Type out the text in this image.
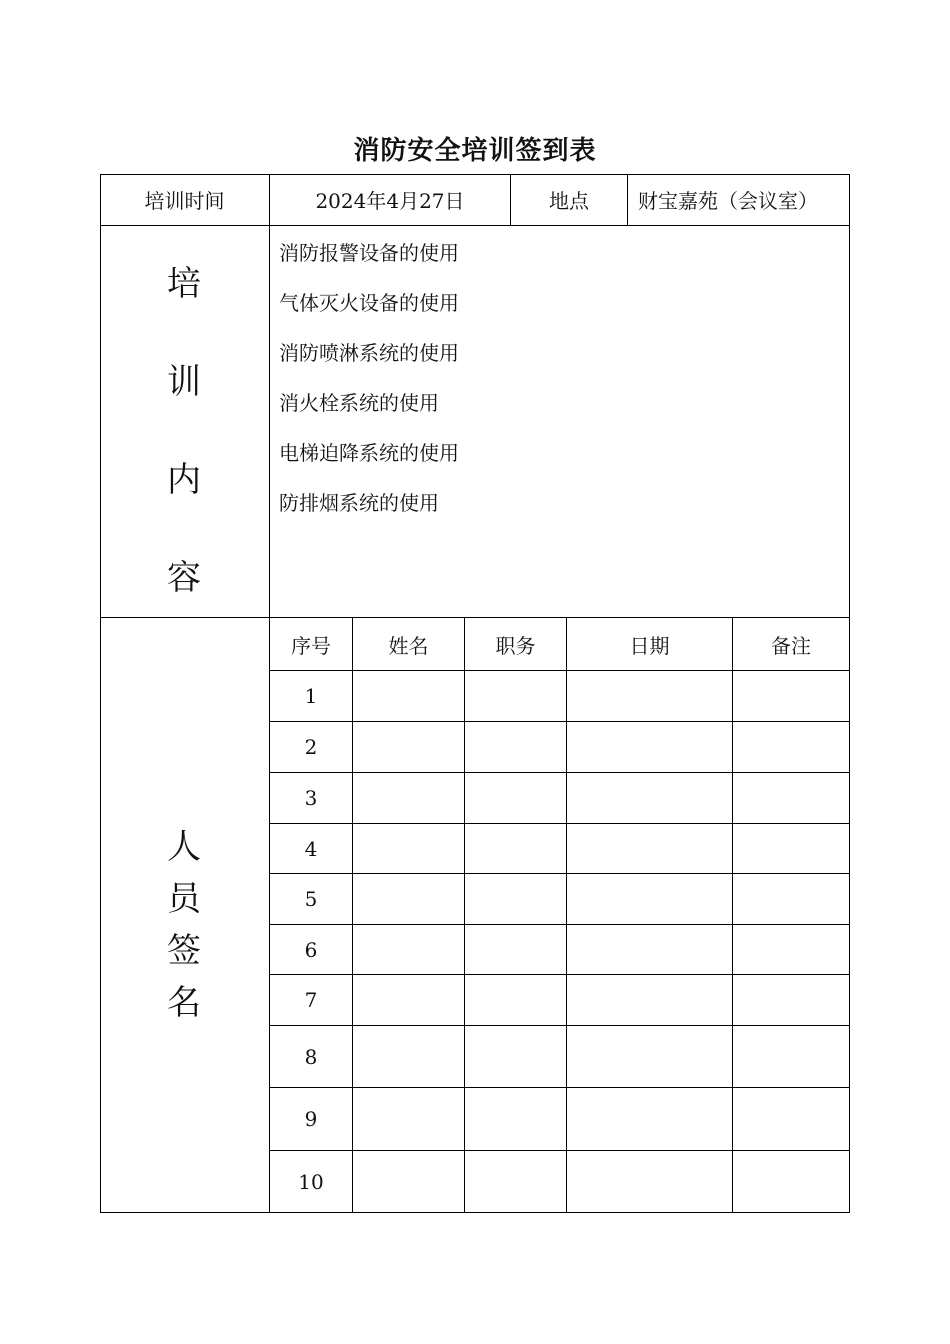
消防安全培训签到表
培训时间	2024年4月27日	地点	财宝嘉苑（会议室）
培
训
内
容
消防报警设备的使用
气体灭火设备的使用
消防喷淋系统的使用
消火栓系统的使用
电梯迫降系统的使用
防排烟系统的使用
人
员
签
名
序号	姓名	职务	日期	备注
1
2
3
4
5
6
7
8
9
10
